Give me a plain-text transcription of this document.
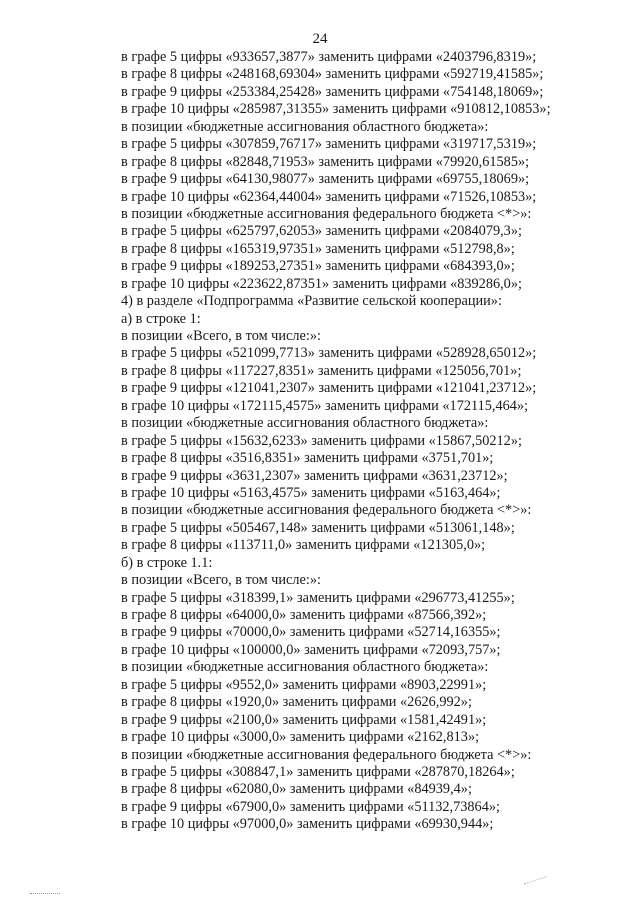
24
в графе 5 цифры «933657,3877» заменить цифрами «2403796,8319»;
в графе 8 цифры «248168,69304» заменить цифрами «592719,41585»;
в графе 9 цифры «253384,25428» заменить цифрами «754148,18069»;
в графе 10 цифры «285987,31355» заменить цифрами «910812,10853»;
в позиции «бюджетные ассигнования областного бюджета»:
в графе 5 цифры «307859,76717» заменить цифрами «319717,5319»;
в графе 8 цифры «82848,71953» заменить цифрами «79920,61585»;
в графе 9 цифры «64130,98077» заменить цифрами «69755,18069»;
в графе 10 цифры «62364,44004» заменить цифрами «71526,10853»;
в позиции «бюджетные ассигнования федерального бюджета <*>»:
в графе 5 цифры «625797,62053» заменить цифрами «2084079,3»;
в графе 8 цифры «165319,97351» заменить цифрами «512798,8»;
в графе 9 цифры «189253,27351» заменить цифрами «684393,0»;
в графе 10 цифры «223622,87351» заменить цифрами «839286,0»;
4) в разделе «Подпрограмма «Развитие сельской кооперации»:
а) в строке 1:
в позиции «Всего, в том числе:»:
в графе 5 цифры «521099,7713» заменить цифрами «528928,65012»;
в графе 8 цифры «117227,8351» заменить цифрами «125056,701»;
в графе 9 цифры «121041,2307» заменить цифрами «121041,23712»;
в графе 10 цифры «172115,4575» заменить цифрами «172115,464»;
в позиции «бюджетные ассигнования областного бюджета»:
в графе 5 цифры «15632,6233» заменить цифрами «15867,50212»;
в графе 8 цифры «3516,8351» заменить цифрами «3751,701»;
в графе 9 цифры «3631,2307» заменить цифрами «3631,23712»;
в графе 10 цифры «5163,4575» заменить цифрами «5163,464»;
в позиции «бюджетные ассигнования федерального бюджета <*>»:
в графе 5 цифры «505467,148» заменить цифрами «513061,148»;
в графе 8 цифры «113711,0» заменить цифрами «121305,0»;
б) в строке 1.1:
в позиции «Всего, в том числе:»:
в графе 5 цифры «318399,1» заменить цифрами «296773,41255»;
в графе 8 цифры «64000,0» заменить цифрами «87566,392»;
в графе 9 цифры «70000,0» заменить цифрами «52714,16355»;
в графе 10 цифры «100000,0» заменить цифрами «72093,757»;
в позиции «бюджетные ассигнования областного бюджета»:
в графе 5 цифры «9552,0» заменить цифрами «8903,22991»;
в графе 8 цифры «1920,0» заменить цифрами «2626,992»;
в графе 9 цифры «2100,0» заменить цифрами «1581,42491»;
в графе 10 цифры «3000,0» заменить цифрами «2162,813»;
в позиции «бюджетные ассигнования федерального бюджета <*>»:
в графе 5 цифры «308847,1» заменить цифрами «287870,18264»;
в графе 8 цифры «62080,0» заменить цифрами «84939,4»;
в графе 9 цифры «67900,0» заменить цифрами «51132,73864»;
в графе 10 цифры «97000,0» заменить цифрами «69930,944»;
